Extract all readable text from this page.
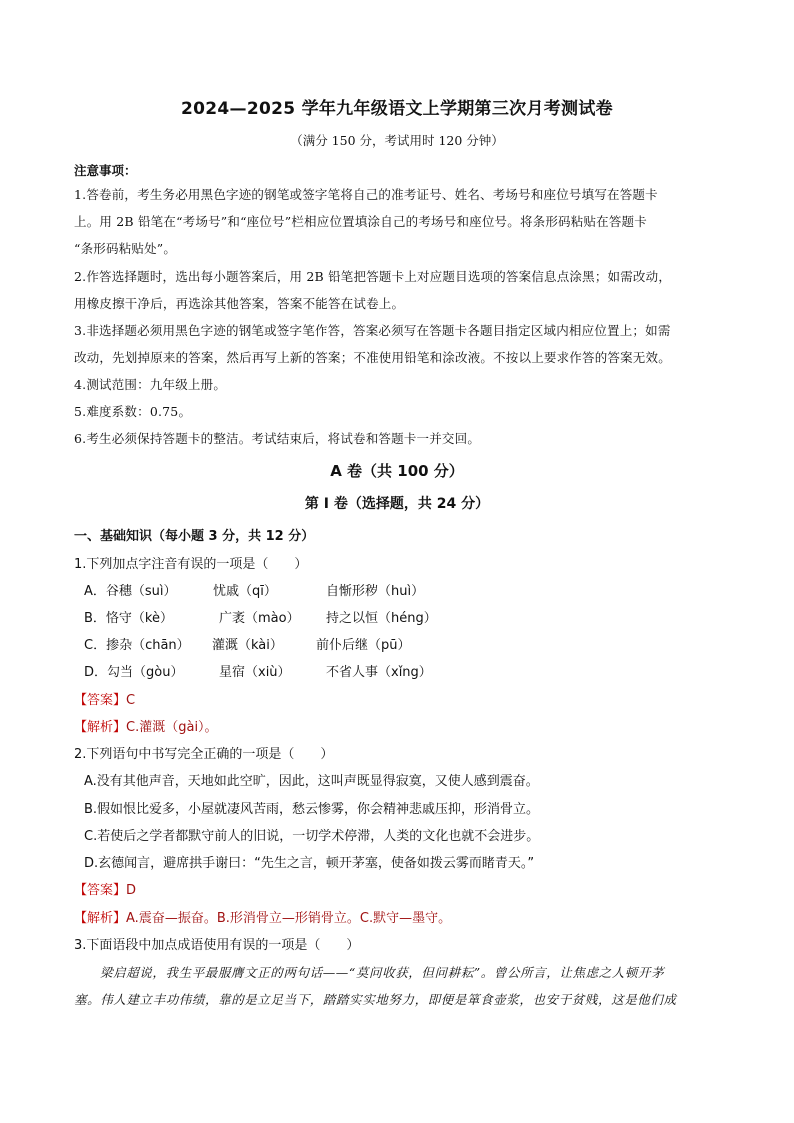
2024—2025 学年九年级语文上学期第三次月考测试卷
（满分 150 分，考试用时 120 分钟）
注意事项：
1.答卷前，考生务必用黑色字迹的钢笔或签字笔将自己的准考证号、姓名、考场号和座位号填写在答题卡
上。用 2B 铅笔在“考场号”和“座位号”栏相应位置填涂自己的考场号和座位号。将条形码粘贴在答题卡
“条形码粘贴处”。
2.作答选择题时，选出每小题答案后，用 2B 铅笔把答题卡上对应题目选项的答案信息点涂黑；如需改动，
用橡皮擦干净后，再选涂其他答案，答案不能答在试卷上。
3.非选择题必须用黑色字迹的钢笔或签字笔作答，答案必须写在答题卡各题目指定区域内相应位置上；如需
改动，先划掉原来的答案，然后再写上新的答案；不准使用铅笔和涂改液。不按以上要求作答的答案无效。
4.测试范围：九年级上册。
5.难度系数：0.75。
6.考生必须保持答题卡的整洁。考试结束后，将试卷和答题卡一并交回。
A 卷（共 100 分）
第 I 卷（选择题，共 24 分）
一、基础知识（每小题 3 分，共 12 分）
1.下列加点字注音有误的一项是（　　）
A．谷穗（suì）	忧戚（qī）	自惭形秽（huì）
B．恪守（kè）	广袤（mào） 持之以恒（héng）
C．掺杂（chān） 灌溉（kài）	前仆后继（pū）
D．勾当（gòu）	星宿（xiù）	不省人事（xǐng）
【答案】C
【解析】C.灌溉（gài）。
2.下列语句中书写完全正确的一项是（　　）
A.没有其他声音，天地如此空旷，因此，这叫声既显得寂寞，又使人感到震奋。
B.假如恨比爱多，小屋就凄风苦雨，愁云惨雾，你会精神悲戚压抑，形消骨立。
C.若使后之学者都默守前人的旧说，一切学术停滞，人类的文化也就不会进步。
D.玄德闻言，避席拱手谢曰：“先生之言，顿开茅塞，使备如拨云雾而睹青天。”
【答案】D
【解析】A.震奋—振奋。B.形消骨立—形销骨立。C.默守—墨守。
3.下面语段中加点成语使用有误的一项是（　　）
梁启超说，我生平最服膺文正的两句话——“莫问收获，但问耕耘”。曾公所言，让焦虑之人顿开茅
塞。伟人建立丰功伟绩，靠的是立足当下，踏踏实实地努力，即便是箪食壶浆，也安于贫贱，这是他们成
